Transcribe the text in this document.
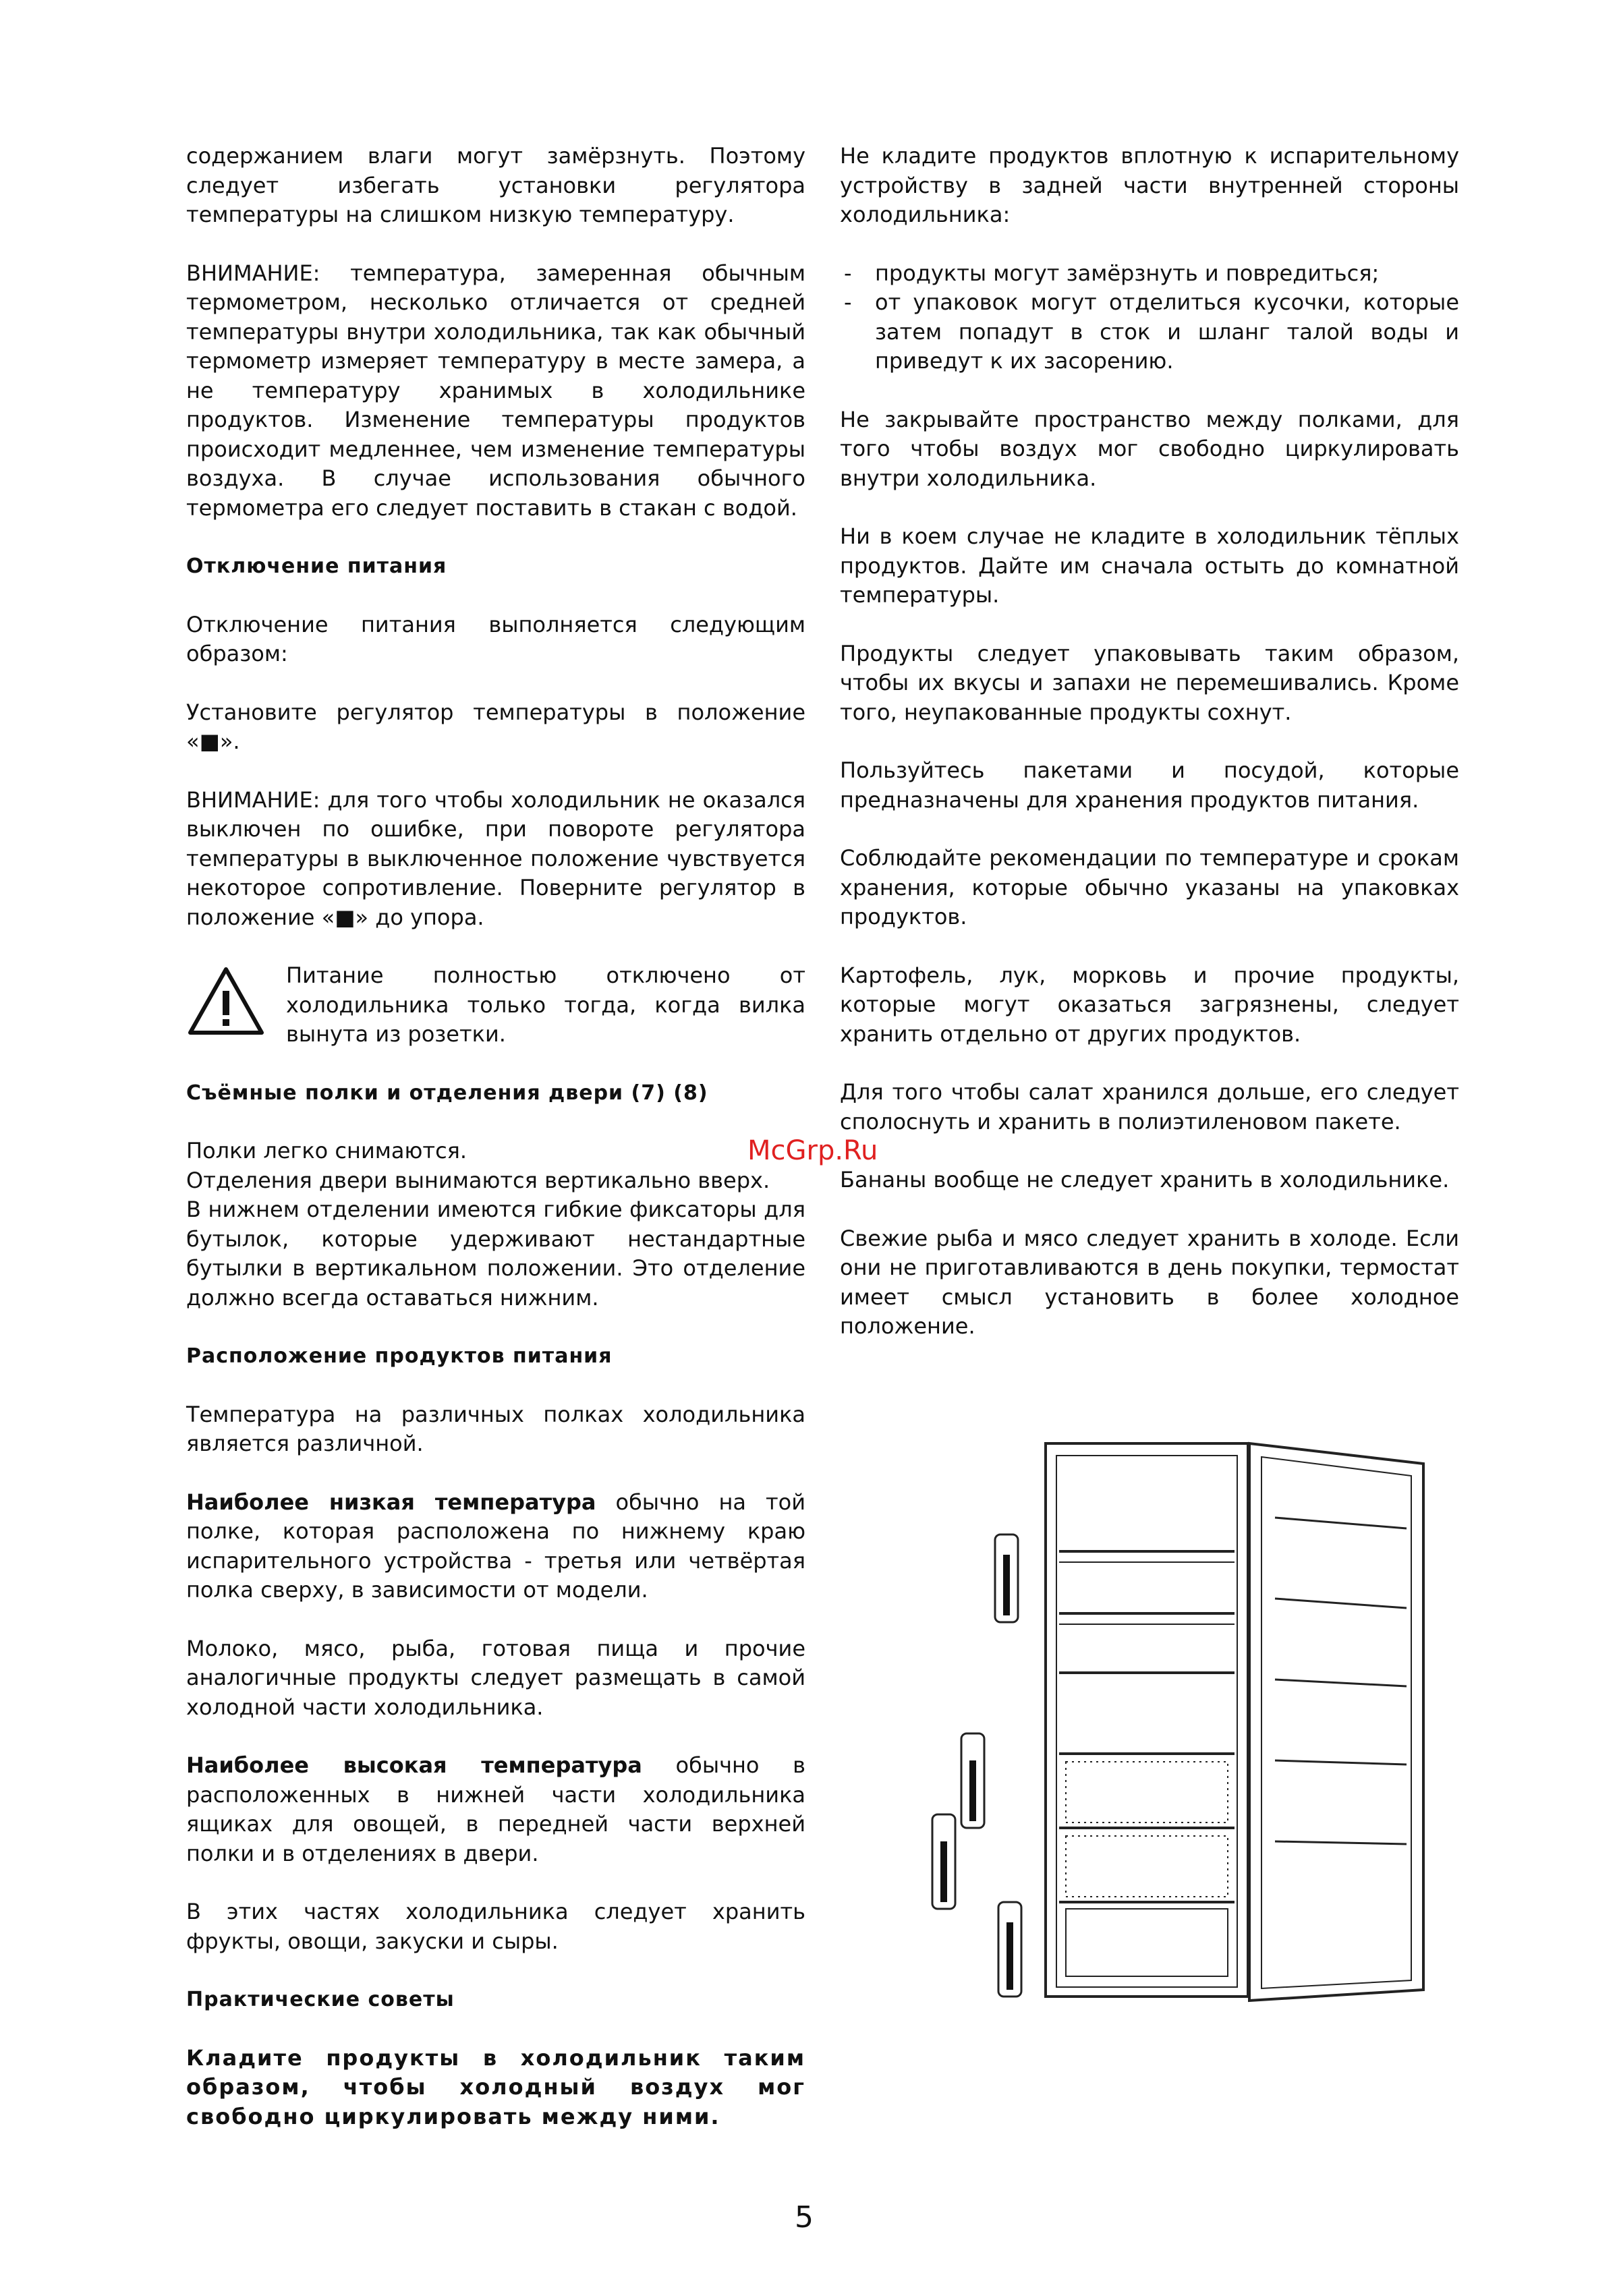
содержанием влаги могут замёрзнуть. Поэтому следует избегать установки регулятора температуры на слишком низкую температуру.

ВНИМАНИЕ: температура, замеренная обычным термометром, несколько отличается от средней температуры внутри холодильника, так как обычный термометр измеряет температуру в месте замера, а не температуру хранимых в холодильнике продуктов. Изменение температуры продуктов происходит медленнее, чем изменение температуры воздуха. В случае использования обычного термометра его следует поставить в стакан с водой.

Отключение питания

Отключение питания выполняется следующим образом:

Установите регулятор температуры в положение «■».

ВНИМАНИЕ: для того чтобы холодильник не оказался выключен по ошибке, при повороте регулятора температуры в выключенное положение чувствуется некоторое сопротивление. Поверните регулятор в положение «■» до упора.

Питание полностью отключено от холодильника только тогда, когда вилка вынута из розетки.

Съёмные полки и отделения двери (7) (8)

Полки легко снимаются.
Отделения двери вынимаются вертикально вверх.
В нижнем отделении имеются гибкие фиксаторы для бутылок, которые удерживают нестандартные бутылки в вертикальном положении. Это отделение должно всегда оставаться нижним.

Расположение продуктов питания

Температура на различных полках холодильника является различной.

Наиболее низкая температура обычно на той полке, которая расположена по нижнему краю испарительного устройства - третья или четвёртая полка сверху, в зависимости от модели.

Молоко, мясо, рыба, готовая пища и прочие аналогичные продукты следует размещать в самой холодной части холодильника.

Наиболее высокая температура обычно в расположенных в нижней части холодильника ящиках для овощей, в передней части верхней полки и в отделениях в двери.

В этих частях холодильника следует хранить фрукты, овощи, закуски и сыры.

Практические советы

Кладите продукты в холодильник таким образом, чтобы холодный воздух мог свободно циркулировать между ними.

Не кладите продуктов вплотную к испарительному устройству в задней части внутренней стороны холодильника:

- продукты могут замёрзнуть и повредиться;
- от упаковок могут отделиться кусочки, которые затем попадут в сток и шланг талой воды и приведут к их засорению.

Не закрывайте пространство между полками, для того чтобы воздух мог свободно циркулировать внутри холодильника.

Ни в коем случае не кладите в холодильник тёплых продуктов. Дайте им сначала остыть до комнатной температуры.

Продукты следует упаковывать таким образом, чтобы их вкусы и запахи не перемешивались. Кроме того, неупакованные продукты сохнут.

Пользуйтесь пакетами и посудой, которые предназначены для хранения продуктов питания.

Соблюдайте рекомендации по температуре и срокам хранения, которые обычно указаны на упаковках продуктов.

Картофель, лук, морковь и прочие продукты, которые могут оказаться загрязнены, следует хранить отдельно от других продуктов.

Для того чтобы салат хранился дольше, его следует сполоснуть и хранить в полиэтиленовом пакете.

Бананы вообще не следует хранить в холодильнике.

Свежие рыба и мясо следует хранить в холоде. Если они не приготавливаются в день покупки, термостат имеет смысл установить в более холодное положение.

McGrp.Ru
5
